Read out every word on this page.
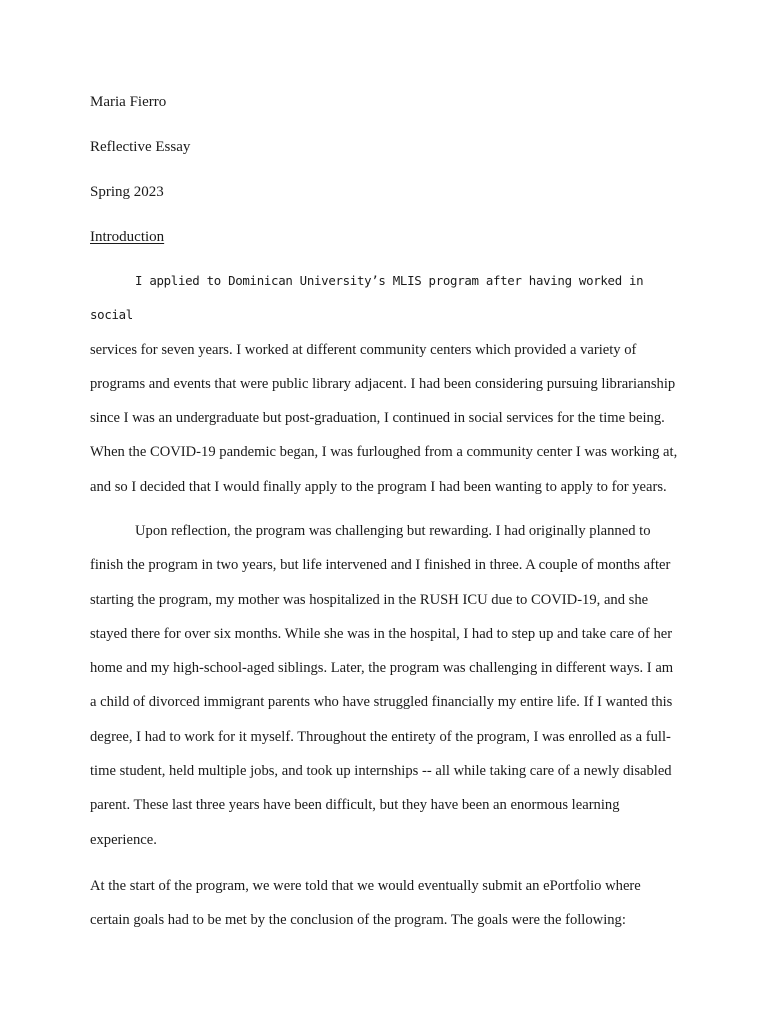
Maria Fierro
Reflective Essay
Spring 2023
Introduction

I applied to Dominican University’s MLIS program after having worked in social

services for seven years. I worked at different community centers which provided a variety of programs and events that were public library adjacent. I had been considering pursuing librarianship since I was an undergraduate but post-graduation, I continued in social services for the time being. When the COVID-19 pandemic began, I was furloughed from a community center I was working at, and so I decided that I would finally apply to the program I had been wanting to apply to for years.

Upon reflection, the program was challenging but rewarding. I had originally planned to finish the program in two years, but life intervened and I finished in three. A couple of months after starting the program, my mother was hospitalized in the RUSH ICU due to COVID-19, and she stayed there for over six months. While she was in the hospital, I had to step up and take care of her home and my high-school-aged siblings. Later, the program was challenging in different ways. I am a child of divorced immigrant parents who have struggled financially my entire life. If I wanted this degree, I had to work for it myself. Throughout the entirety of the program, I was enrolled as a full-time student, held multiple jobs, and took up internships -- all while taking care of a newly disabled parent. These last three years have been difficult, but they have been an enormous learning experience.

At the start of the program, we were told that we would eventually submit an ePortfolio where certain goals had to be met by the conclusion of the program. The goals were the following:
